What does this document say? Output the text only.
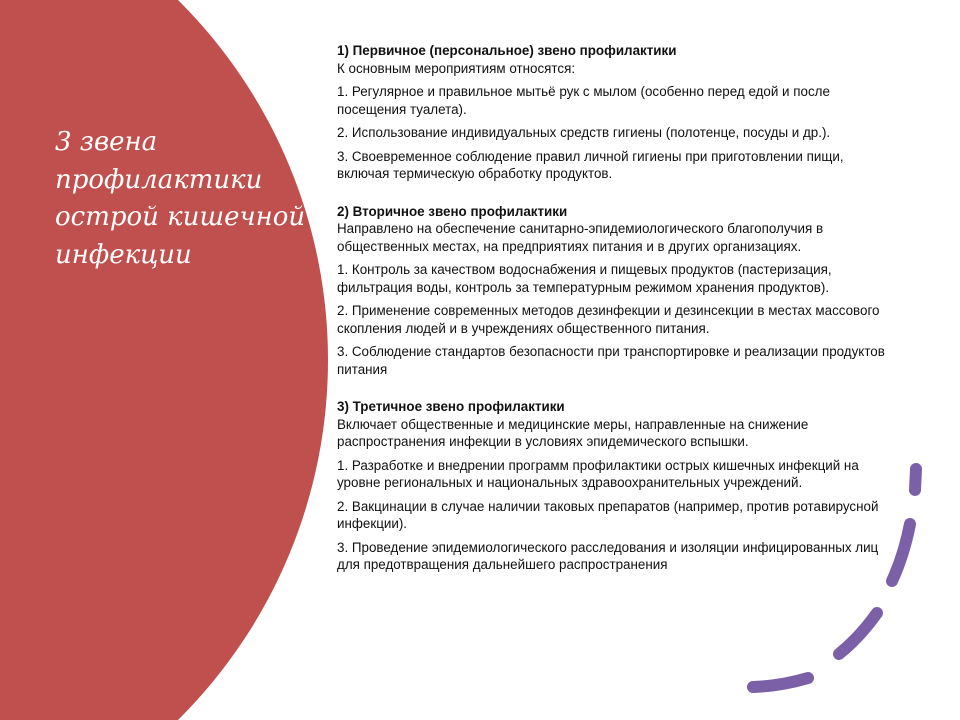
3 звена
профилактики
острой кишечной
инфекции

1) Первичное (персональное) звено профилактики

К основным мероприятиям относятся:

1. Регулярное и правильное мытьё рук с мылом (особенно перед едой и после посещения туалета).

2. Использование индивидуальных средств гигиены (полотенце, посуды и др.).

3. Своевременное соблюдение правил личной гигиены при приготовлении пищи, включая термическую обработку продуктов.

2) Вторичное звено профилактики

Направлено на обеспечение санитарно-эпидемиологического благополучия в общественных местах, на предприятиях питания и в других организациях.

1. Контроль за качеством водоснабжения и пищевых продуктов (пастеризация, фильтрация воды, контроль за температурным режимом хранения продуктов).

2. Применение современных методов дезинфекции и дезинсекции в местах массового скопления людей и в учреждениях общественного питания.

3. Соблюдение стандартов безопасности при транспортировке и реализации продуктов питания

3) Третичное звено профилактики

Включает общественные и медицинские меры, направленные на снижение распространения инфекции в условиях эпидемического вспышки.

1. Разработке и внедрении программ профилактики острых кишечных инфекций на уровне региональных и национальных здравоохранительных учреждений.

2. Вакцинации в случае наличии таковых препаратов (например, против ротавирусной инфекции).

3. Проведение эпидемиологического расследования и изоляции инфицированных лиц для предотвращения дальнейшего распространения
